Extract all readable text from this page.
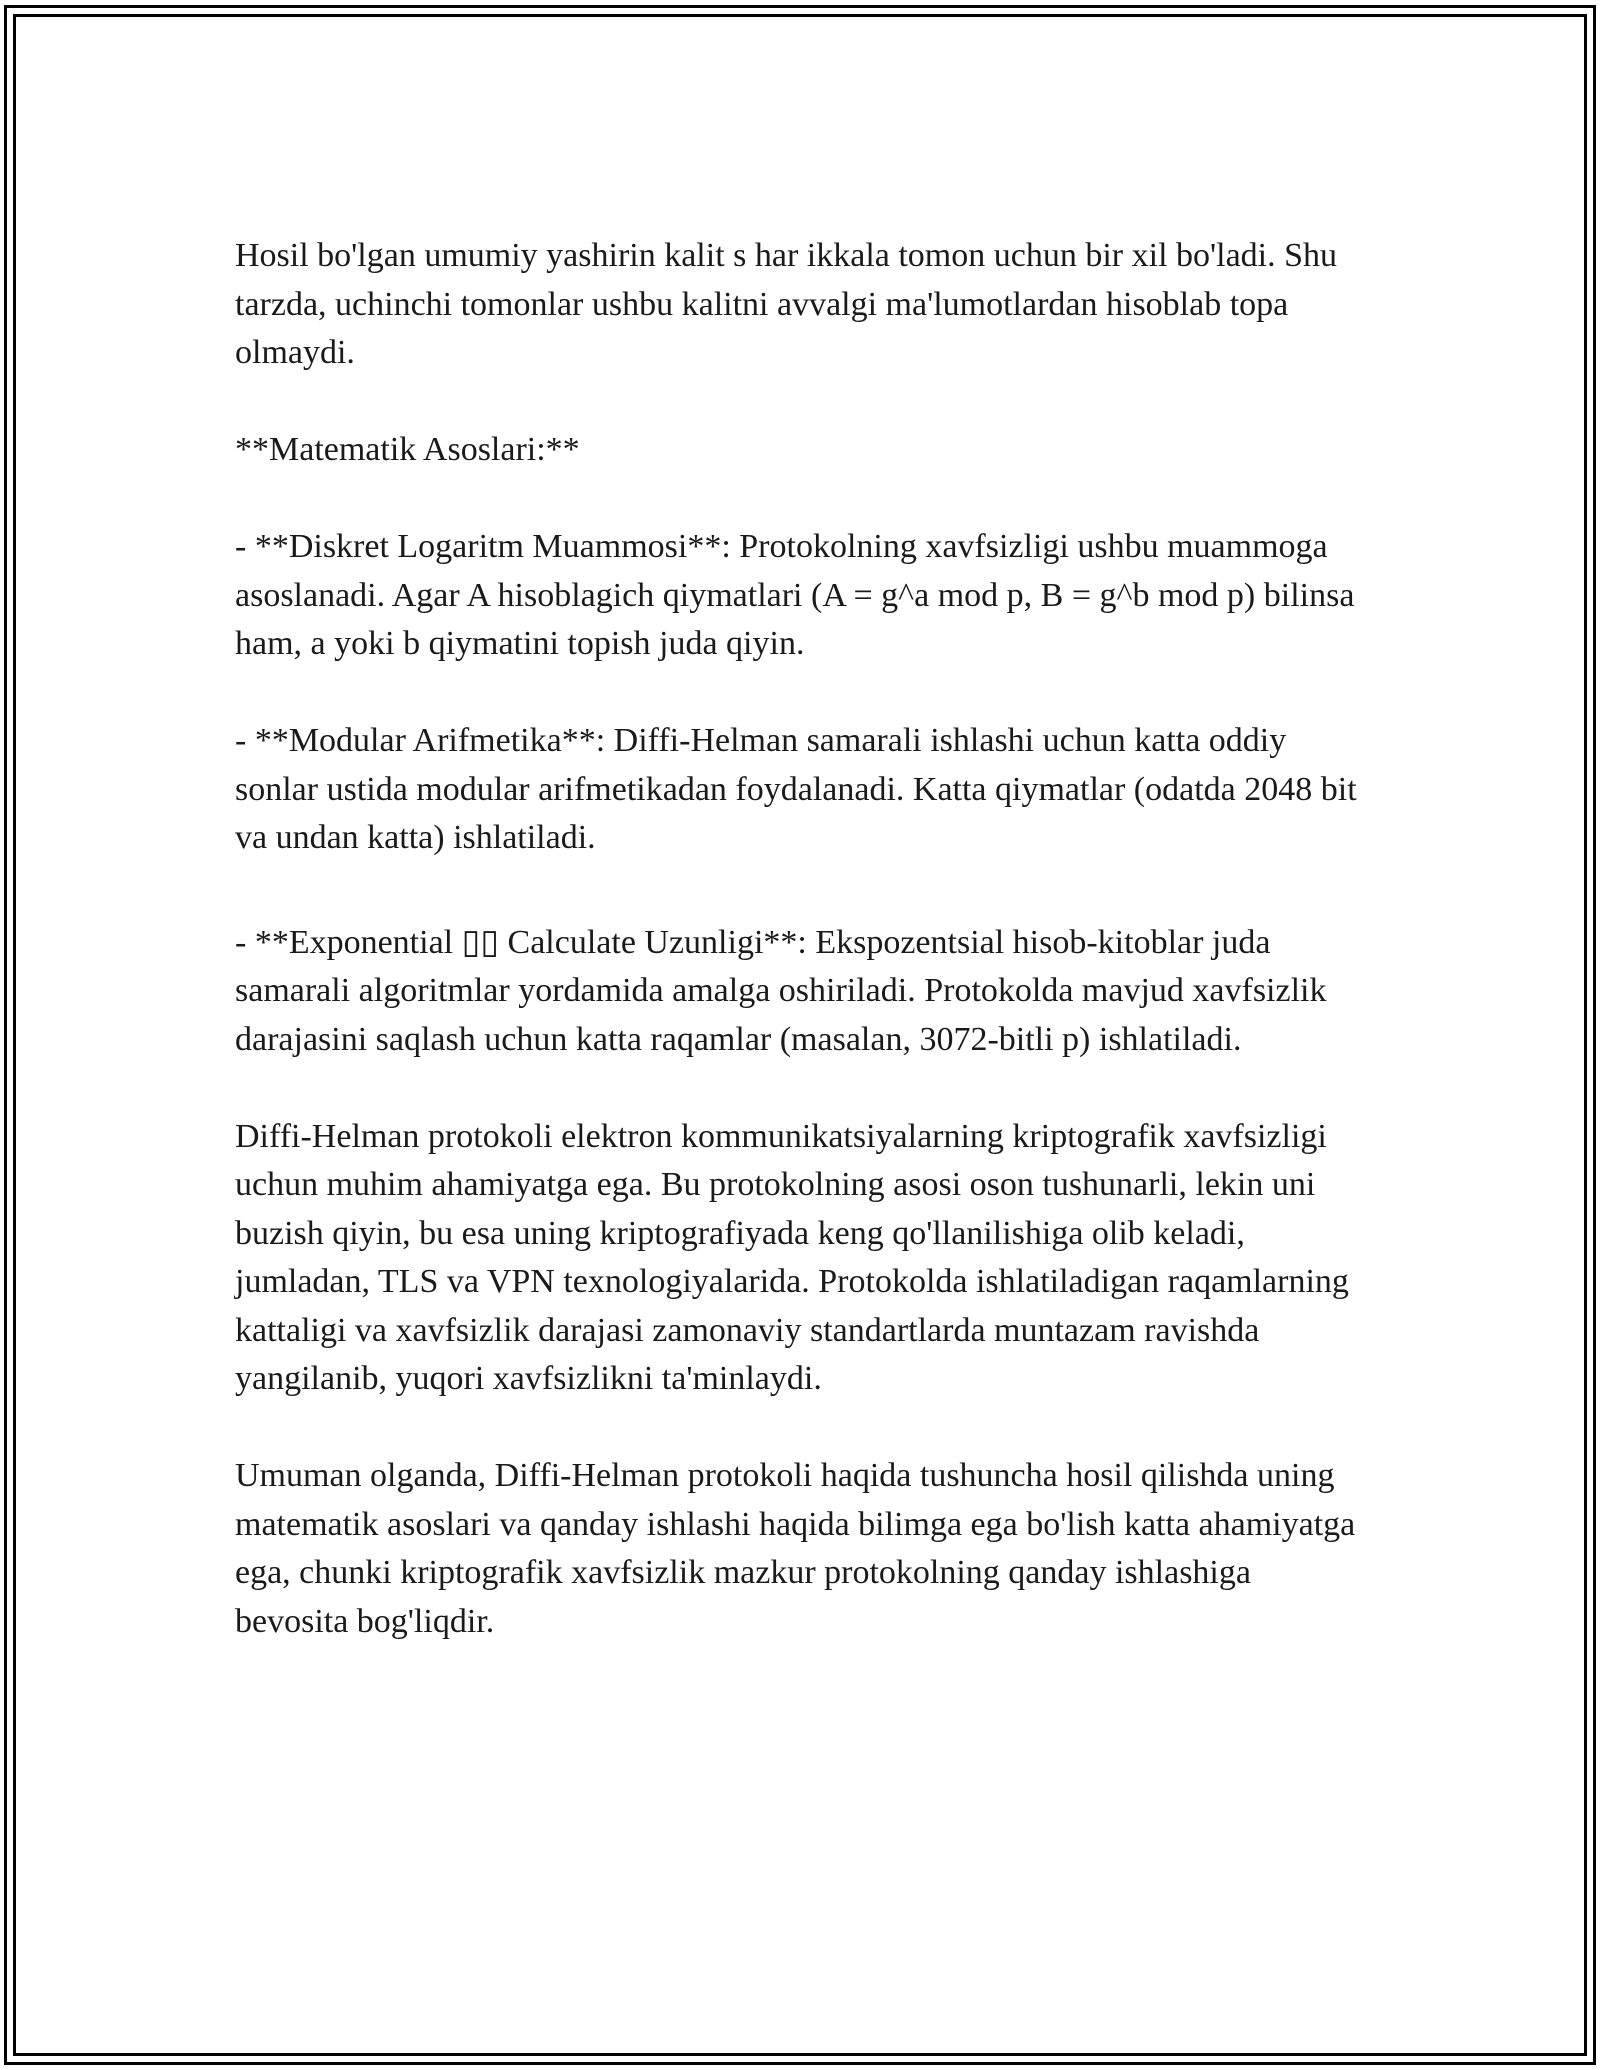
Hosil bo'lgan umumiy yashirin kalit s har ikkala tomon uchun bir xil bo'ladi. Shu tarzda, uchinchi tomonlar ushbu kalitni avvalgi ma'lumotlardan hisoblab topa olmaydi.

**Matematik Asoslari:**

- **Diskret Logaritm Muammosi**: Protokolning xavfsizligi ushbu muammoga asoslanadi. Agar A hisoblagich qiymatlari (A = g^a mod p, B = g^b mod p) bilinsa ham, a yoki b qiymatini topish juda qiyin.

- **Modular Arifmetika**: Diffi-Helman samarali ishlashi uchun katta oddiy sonlar ustida modular arifmetikadan foydalanadi. Katta qiymatlar (odatda 2048 bit va undan katta) ishlatiladi.

- **Exponential ▯▯ Calculate Uzunligi**: Ekspozentsial hisob-kitoblar juda samarali algoritmlar yordamida amalga oshiriladi. Protokolda mavjud xavfsizlik darajasini saqlash uchun katta raqamlar (masalan, 3072-bitli p) ishlatiladi.

Diffi-Helman protokoli elektron kommunikatsiyalarning kriptografik xavfsizligi uchun muhim ahamiyatga ega. Bu protokolning asosi oson tushunarli, lekin uni buzish qiyin, bu esa uning kriptografiyada keng qo'llanilishiga olib keladi, jumladan, TLS va VPN texnologiyalarida. Protokolda ishlatiladigan raqamlarning kattaligi va xavfsizlik darajasi zamonaviy standartlarda muntazam ravishda yangilanib, yuqori xavfsizlikni ta'minlaydi.

Umuman olganda, Diffi-Helman protokoli haqida tushuncha hosil qilishda uning matematik asoslari va qanday ishlashi haqida bilimga ega bo'lish katta ahamiyatga ega, chunki kriptografik xavfsizlik mazkur protokolning qanday ishlashiga bevosita bog'liqdir.
